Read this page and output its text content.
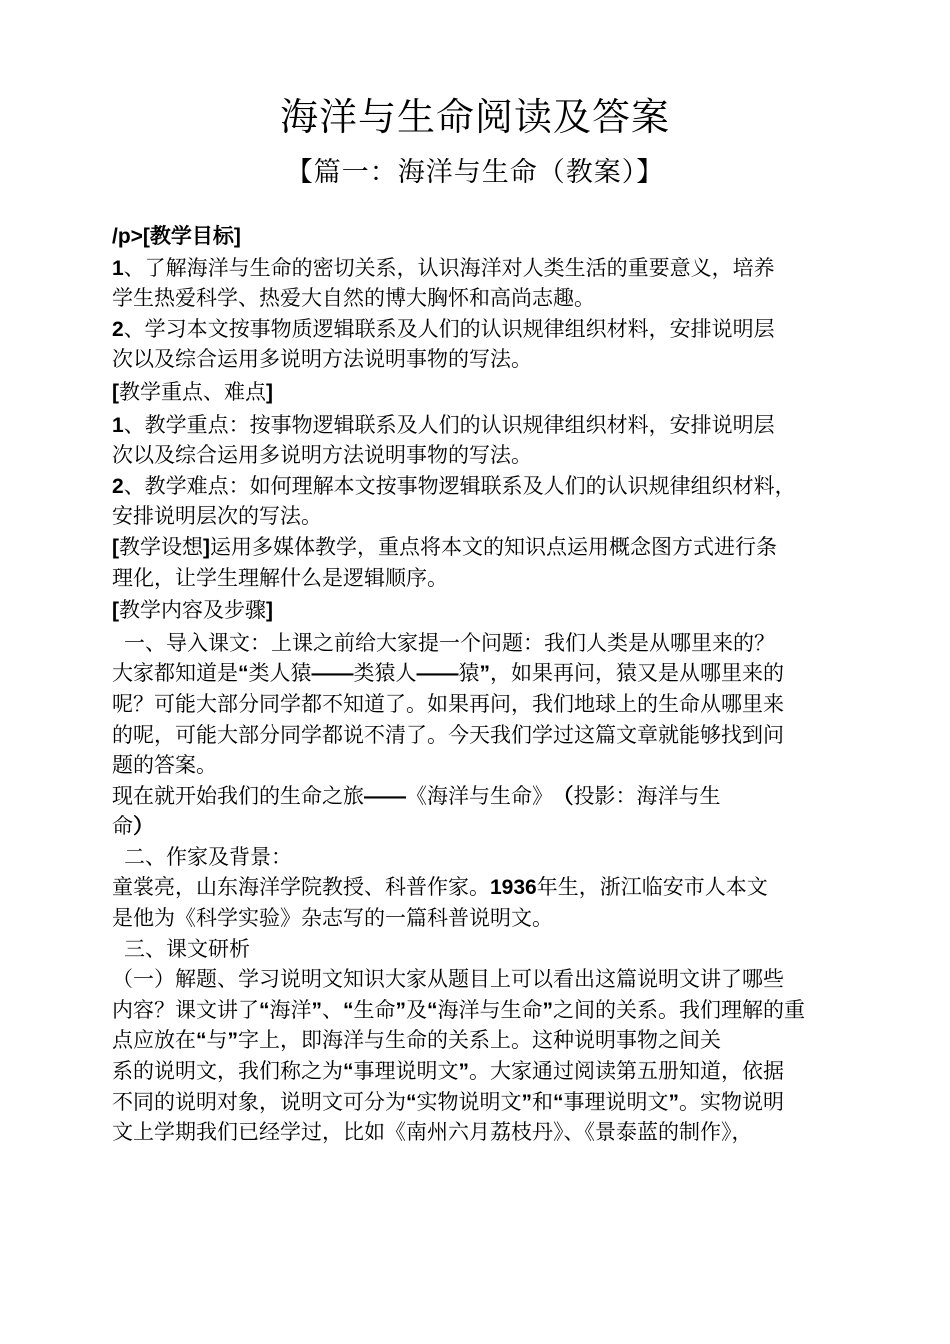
海洋与生命阅读及答案
【篇一：海洋与生命（教案）】
/p>[教学目标]
1、了解海洋与生命的密切关系，认识海洋对人类生活的重要意义，培养
学生热爱科学、热爱大自然的博大胸怀和高尚志趣。
2、学习本文按事物质逻辑联系及人们的认识规律组织材料，安排说明层
次以及综合运用多说明方法说明事物的写法。
[教学重点、难点]
1、教学重点：按事物逻辑联系及人们的认识规律组织材料，安排说明层
次以及综合运用多说明方法说明事物的写法。
2、教学难点：如何理解本文按事物逻辑联系及人们的认识规律组织材料，
安排说明层次的写法。
[教学设想]运用多媒体教学，重点将本文的知识点运用概念图方式进行条
理化，让学生理解什么是逻辑顺序。
[教学内容及步骤]
一、导入课文：上课之前给大家提一个问题：我们人类是从哪里来的？
大家都知道是“类人猿——类猿人——猿”，如果再问，猿又是从哪里来的
呢？可能大部分同学都不知道了。如果再问，我们地球上的生命从哪里来
的呢，可能大部分同学都说不清了。今天我们学过这篇文章就能够找到问
题的答案。
现在就开始我们的生命之旅——《海洋与生命》 （投影：海洋与生
命）
二、作家及背景：
童裳亮，山东海洋学院教授、科普作家。1936年生，浙江临安市人本文
是他为《科学实验》杂志写的一篇科普说明文。
三、课文研析
（一）解题、学习说明文知识大家从题目上可以看出这篇说明文讲了哪些
内容？课文讲了“海洋”、“生命”及“海洋与生命”之间的关系。我们理解的重
点应放在“与”字上，即海洋与生命的关系上。这种说明事物之间关
系的说明文，我们称之为“事理说明文”。大家通过阅读第五册知道，依据
不同的说明对象，说明文可分为“实物说明文”和“事理说明文”。实物说明
文上学期我们已经学过，比如《南州六月荔枝丹》、《景泰蓝的制作》，
